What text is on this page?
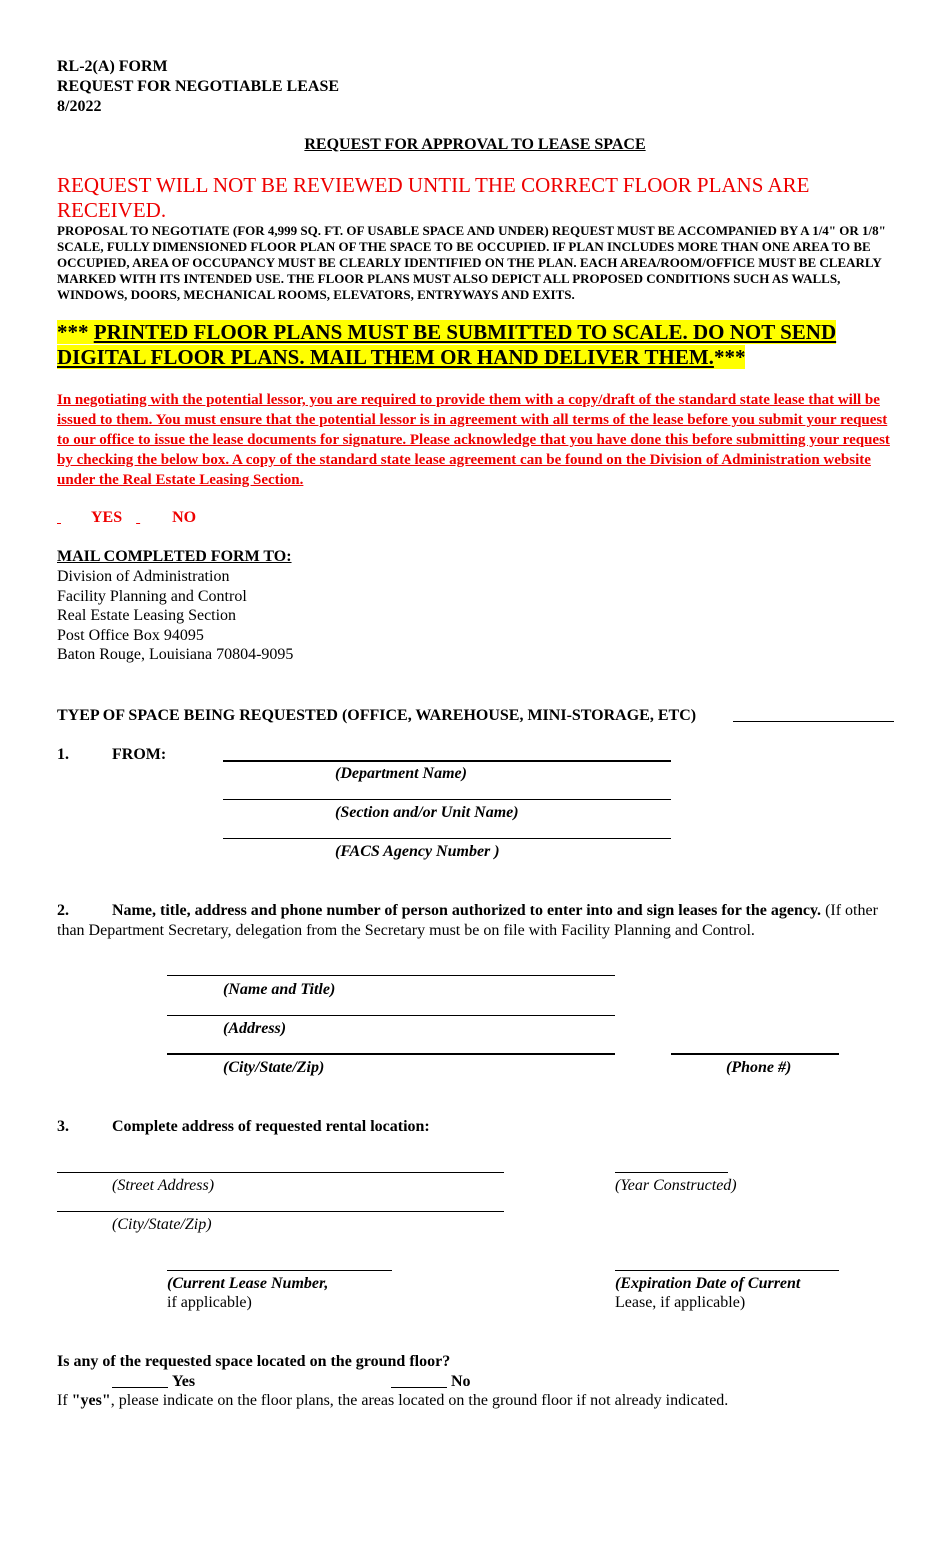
RL-2(A) FORM
REQUEST FOR NEGOTIABLE LEASE
8/2022
REQUEST FOR APPROVAL TO LEASE SPACE
REQUEST WILL NOT BE REVIEWED UNTIL THE CORRECT FLOOR PLANS ARE RECEIVED.
PROPOSAL TO NEGOTIATE (FOR 4,999 SQ. FT. OF USABLE SPACE AND UNDER) REQUEST MUST BE ACCOMPANIED BY A 1/4" OR 1/8" SCALE, FULLY DIMENSIONED FLOOR PLAN OF THE SPACE TO BE OCCUPIED. IF PLAN INCLUDES MORE THAN ONE AREA TO BE OCCUPIED, AREA OF OCCUPANCY MUST BE CLEARLY IDENTIFIED ON THE PLAN. EACH AREA/ROOM/OFFICE MUST BE CLEARLY MARKED WITH ITS INTENDED USE. THE FLOOR PLANS MUST ALSO DEPICT ALL PROPOSED CONDITIONS SUCH AS WALLS, WINDOWS, DOORS, MECHANICAL ROOMS, ELEVATORS, ENTRYWAYS AND EXITS.
*** PRINTED FLOOR PLANS MUST BE SUBMITTED TO SCALE. DO NOT SEND DIGITAL FLOOR PLANS. MAIL THEM OR HAND DELIVER THEM.***
In negotiating with the potential lessor, you are required to provide them with a copy/draft of the standard state lease that will be issued to them. You must ensure that the potential lessor is in agreement with all terms of the lease before you submit your request to our office to issue the lease documents for signature. Please acknowledge that you have done this before submitting your request by checking the below box. A copy of the standard state lease agreement can be found on the Division of Administration website under the Real Estate Leasing Section.
YES	NO
MAIL COMPLETED FORM TO:
Division of Administration
Facility Planning and Control
Real Estate Leasing Section
Post Office Box 94095
Baton Rouge, Louisiana 70804-9095
TYEP OF SPACE BEING REQUESTED (OFFICE, WAREHOUSE, MINI-STORAGE, ETC)
1.	FROM:
(Department Name)
(Section and/or Unit Name)
(FACS Agency Number )
2.	Name, title, address and phone number of person authorized to enter into and sign leases for the agency. (If other than Department Secretary, delegation from the Secretary must be on file with Facility Planning and Control.
(Name and Title)
(Address)
(City/State/Zip)	(Phone #)
3.	Complete address of requested rental location:
(Street Address)	(Year Constructed)
(City/State/Zip)
(Current Lease Number,
if applicable)
(Expiration Date of Current
Lease, if applicable)
Is any of the requested space located on the ground floor?
Yes	No
If "yes", please indicate on the floor plans, the areas located on the ground floor if not already indicated.
